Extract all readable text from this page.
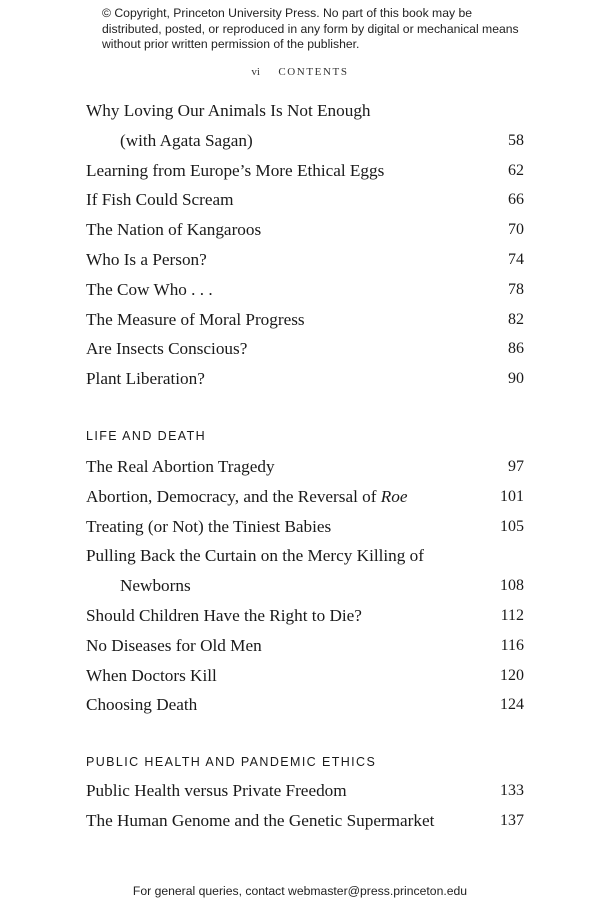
© Copyright, Princeton University Press. No part of this book may be distributed, posted, or reproduced in any form by digital or mechanical means without prior written permission of the publisher.
vi CONTENTS
Why Loving Our Animals Is Not Enough
(with Agata Sagan)	58
Learning from Europe’s More Ethical Eggs	62
If Fish Could Scream	66
The Nation of Kangaroos	70
Who Is a Person?	74
The Cow Who . . .	78
The Measure of Moral Progress	82
Are Insects Conscious?	86
Plant Liberation?	90
LIFE AND DEATH
The Real Abortion Tragedy	97
Abortion, Democracy, and the Reversal of Roe	101
Treating (or Not) the Tiniest Babies	105
Pulling Back the Curtain on the Mercy Killing of
Newborns	108
Should Children Have the Right to Die?	112
No Diseases for Old Men	116
When Doctors Kill	120
Choosing Death	124
PUBLIC HEALTH AND PANDEMIC ETHICS
Public Health versus Private Freedom	133
The Human Genome and the Genetic Supermarket	137
For general queries, contact webmaster@press.princeton.edu
